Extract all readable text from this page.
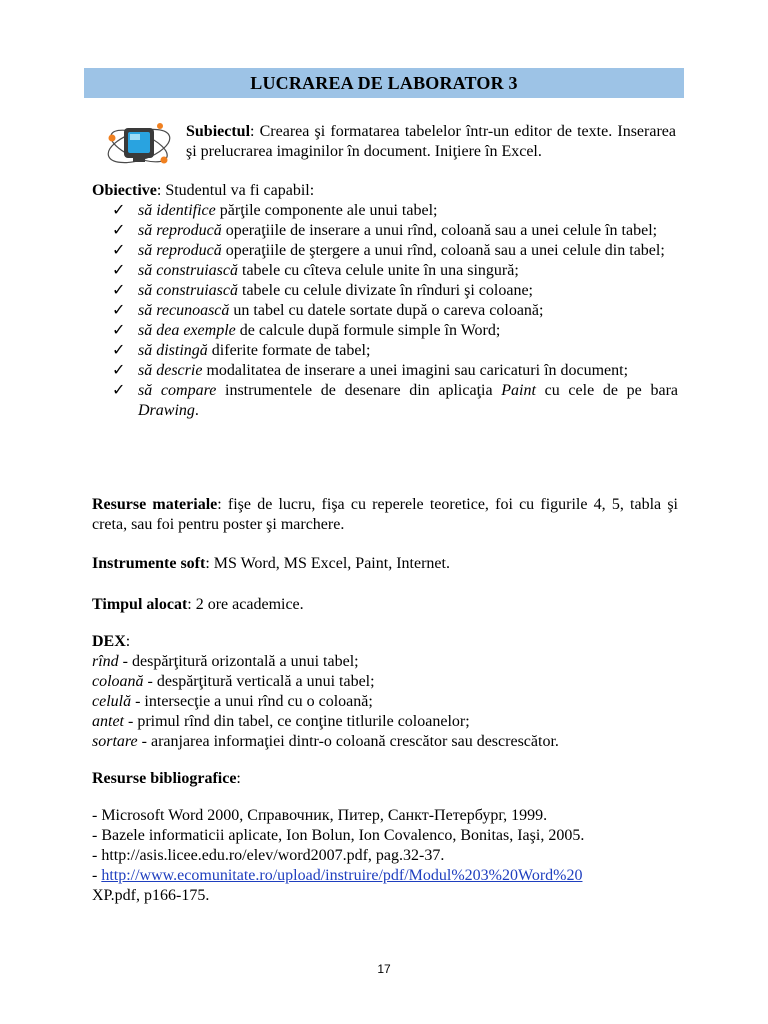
LUCRAREA DE LABORATOR 3
Subiectul: Crearea şi formatarea tabelelor într-un editor de texte. Inserarea şi prelucrarea imaginilor în document. Iniţiere în Excel.
Obiective: Studentul va fi capabil:
✓ să identifice părţile componente ale unui tabel;
✓ să reproducă operaţiile de inserare a unui rînd, coloană sau a unei celule în tabel;
✓ să reproducă operaţiile de ştergere a unui rînd, coloană sau a unei celule din tabel;
✓ să construiască tabele cu cîteva celule unite în una singură;
✓ să construiască tabele cu celule divizate în rînduri şi coloane;
✓ să recunoască un tabel cu datele sortate după o careva coloană;
✓ să dea exemple de calcule după formule simple în Word;
✓ să distingă diferite formate de tabel;
✓ să descrie modalitatea de inserare a unei imagini sau caricaturi în document;
✓ să compare instrumentele de desenare din aplicaţia Paint cu cele de pe bara Drawing.
Resurse materiale: fişe de lucru, fişa cu reperele teoretice, foi cu figurile 4, 5, tabla şi creta, sau foi pentru poster şi marchere.
Instrumente soft: MS Word, MS Excel, Paint, Internet.
Timpul alocat: 2 ore academice.
DEX:
rînd - despărţitură orizontală a unui tabel;
coloană - despărţitură verticală a unui tabel;
celulă - intersecţie a unui rînd cu o coloană;
antet - primul rînd din tabel, ce conţine titlurile coloanelor;
sortare - aranjarea informaţiei dintr-o coloană crescător sau descrescător.
Resurse bibliografice:
- Microsoft Word 2000, Справочник, Питер, Санкт-Петербург, 1999.
- Bazele informaticii aplicate, Ion Bolun, Ion Covalenco, Bonitas, Iaşi, 2005.
- http://asis.licee.edu.ro/elev/word2007.pdf, pag.32-37.
- http://www.ecomunitate.ro/upload/instruire/pdf/Modul%203%20Word%20
XP.pdf, p166-175.
17
